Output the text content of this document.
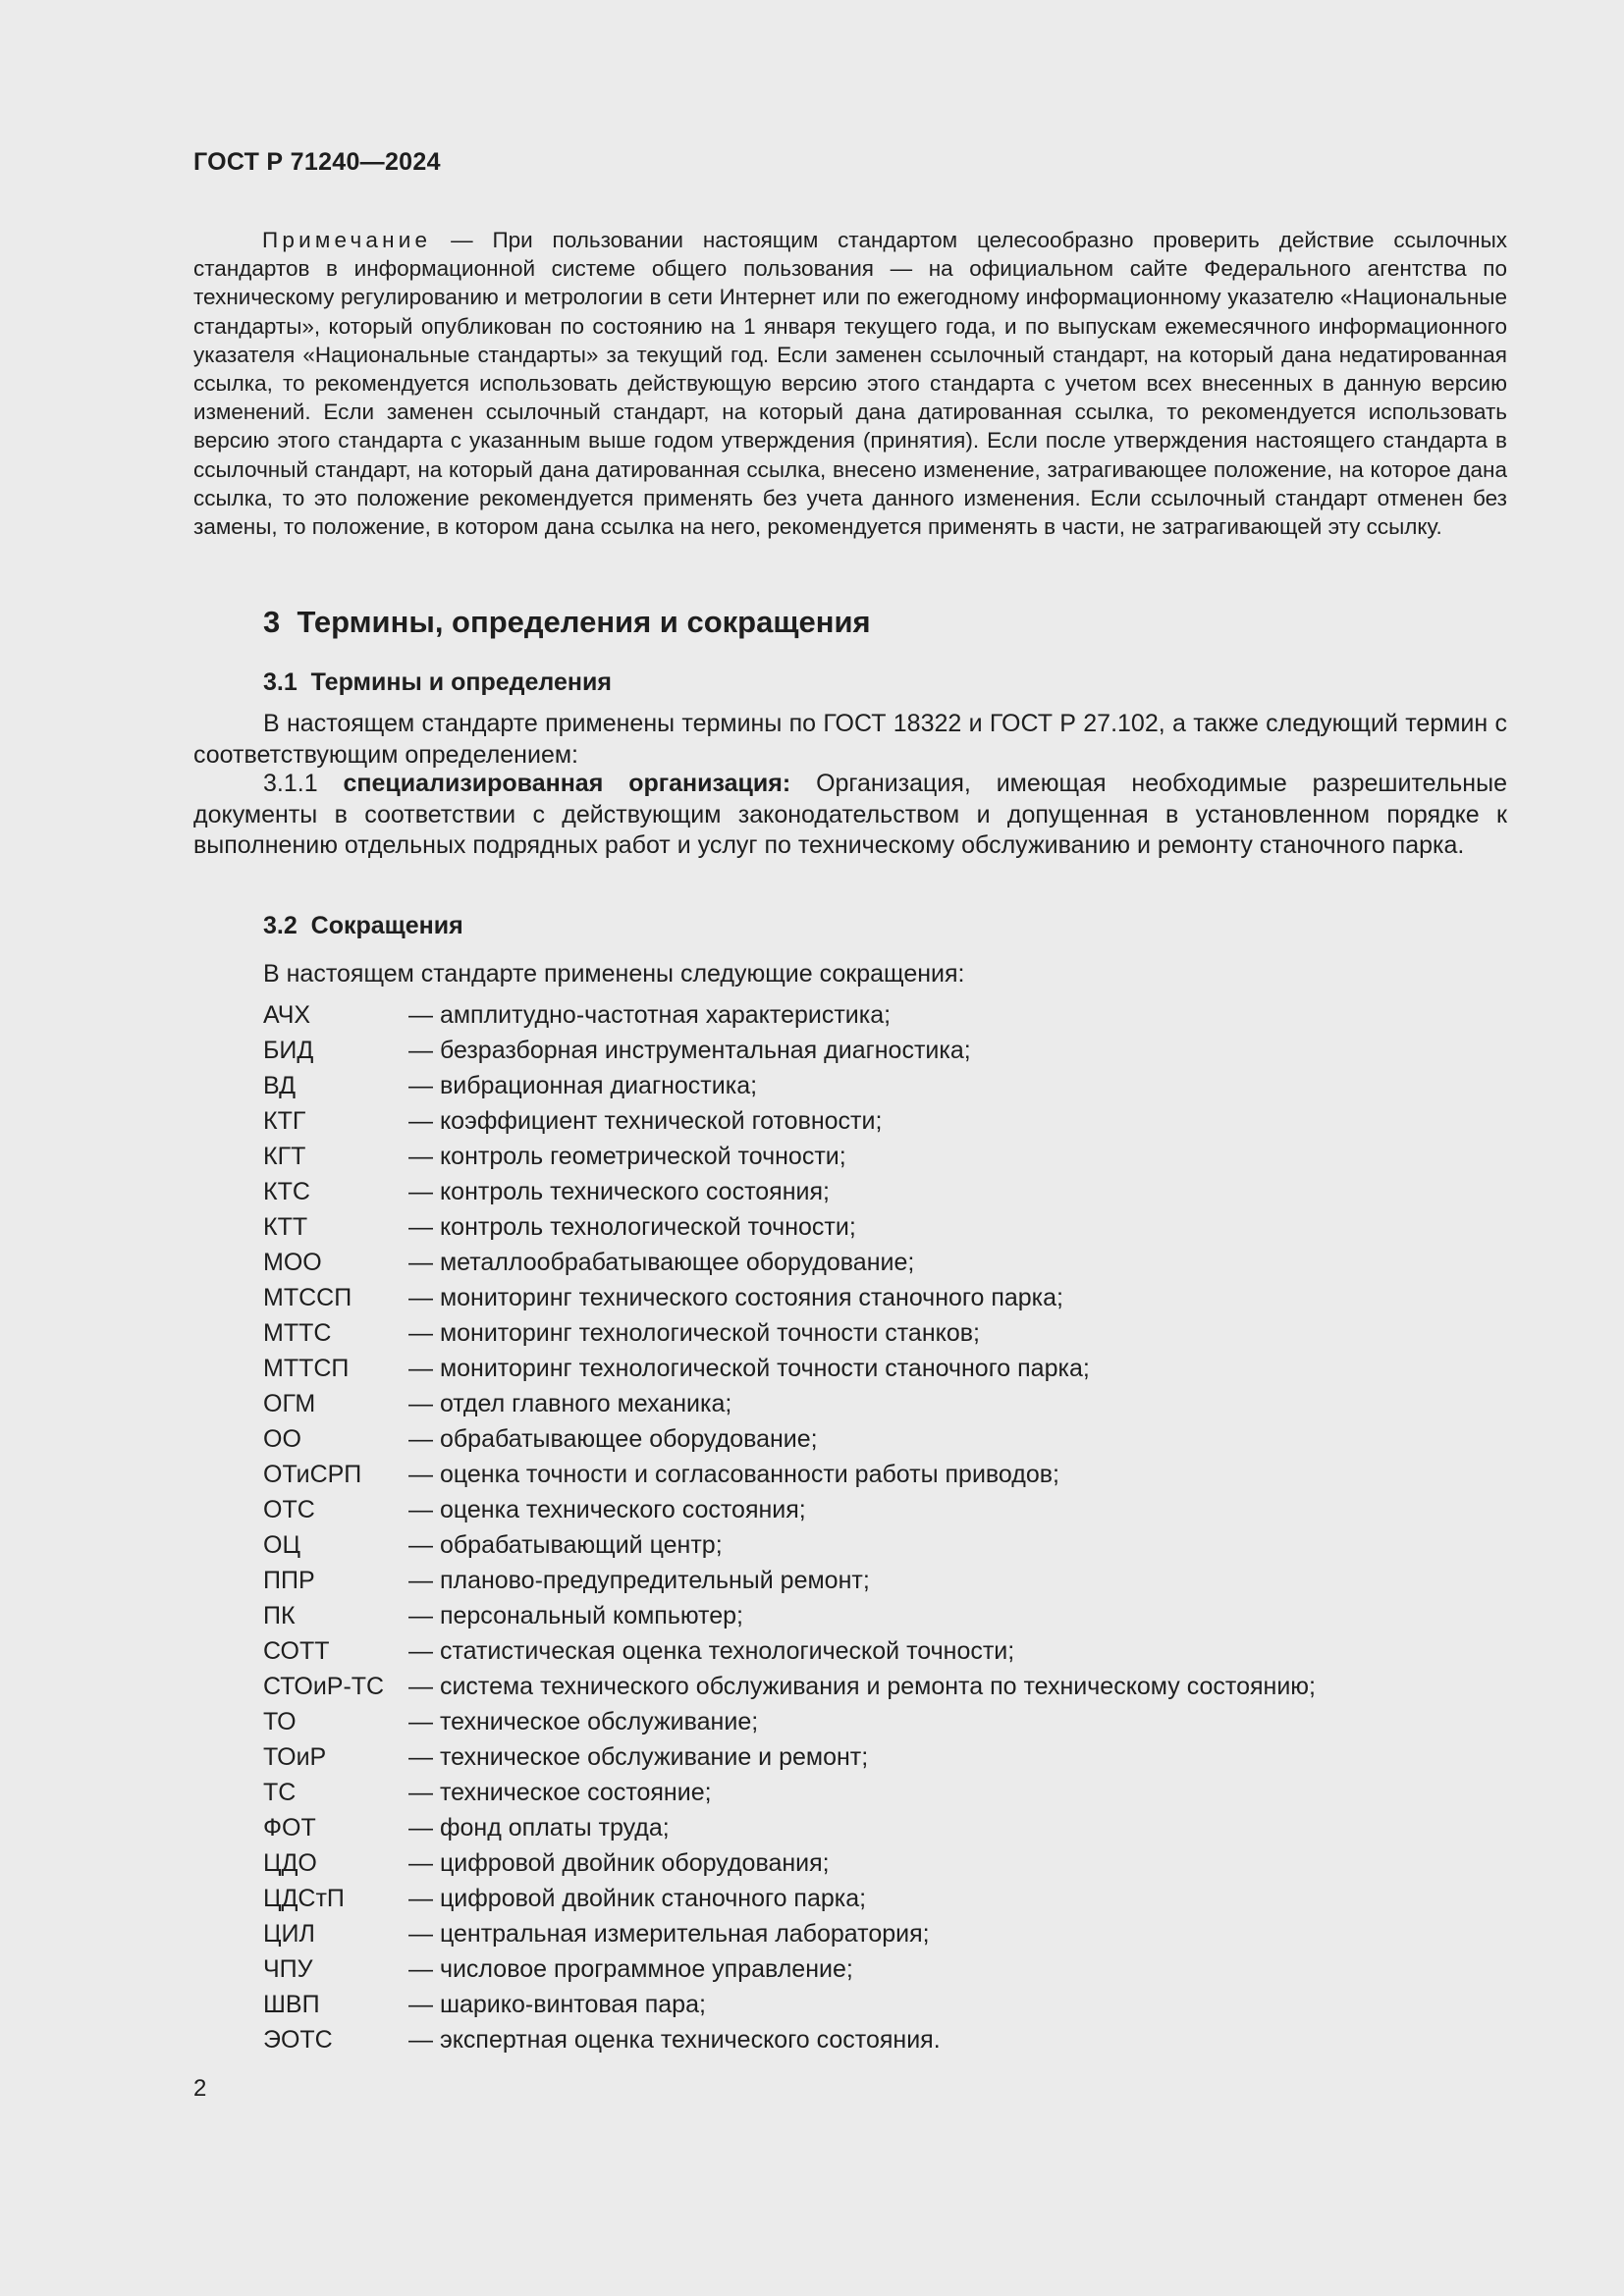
ГОСТ Р 71240—2024

Примечание — При пользовании настоящим стандартом целесообразно проверить действие ссылочных стандартов в информационной системе общего пользования — на официальном сайте Федерального агентства по техническому регулированию и метрологии в сети Интернет или по ежегодному информационному указателю «Национальные стандарты», который опубликован по состоянию на 1 января текущего года, и по выпускам ежемесячного информационного указателя «Национальные стандарты» за текущий год. Если заменен ссылочный стандарт, на который дана недатированная ссылка, то рекомендуется использовать действующую версию этого стандарта с учетом всех внесенных в данную версию изменений. Если заменен ссылочный стандарт, на который дана датированная ссылка, то рекомендуется использовать версию этого стандарта с указанным выше годом утверждения (принятия). Если после утверждения настоящего стандарта в ссылочный стандарт, на который дана датированная ссылка, внесено изменение, затрагивающее положение, на которое дана ссылка, то это положение рекомендуется применять без учета данного изменения. Если ссылочный стандарт отменен без замены, то положение, в котором дана ссылка на него, рекомендуется применять в части, не затрагивающей эту ссылку.

3  Термины, определения и сокращения
3.1  Термины и определения

В настоящем стандарте применены термины по ГОСТ 18322 и ГОСТ Р 27.102, а также следующий термин с соответствующим определением:

3.1.1 специализированная организация: Организация, имеющая необходимые разрешительные документы в соответствии с действующим законодательством и допущенная в установленном порядке к выполнению отдельных подрядных работ и услуг по техническому обслуживанию и ремонту станочного парка.

3.2  Сокращения
В настоящем стандарте применены следующие сокращения:
АЧХ	— амплитудно-частотная характеристика;
БИД	— безразборная инструментальная диагностика;
ВД	— вибрационная диагностика;
КТГ	— коэффициент технической готовности;
КГТ	— контроль геометрической точности;
КТС	— контроль технического состояния;
КТТ	— контроль технологической точности;
МОО	— металлообрабатывающее оборудование;
МТССП	— мониторинг технического состояния станочного парка;
МТТС	— мониторинг технологической точности станков;
МТТСП	— мониторинг технологической точности станочного парка;
ОГМ	— отдел главного механика;
ОО	— обрабатывающее оборудование;
ОТиСРП	— оценка точности и согласованности работы приводов;
ОТС	— оценка технического состояния;
ОЦ	— обрабатывающий центр;
ППР	— планово-предупредительный ремонт;
ПК	— персональный компьютер;
СОТТ	— статистическая оценка технологической точности;
СТОиР-ТС — система технического обслуживания и ремонта по техническому состоянию;
ТО	— техническое обслуживание;
ТОиР	— техническое обслуживание и ремонт;
ТС	— техническое состояние;
ФОТ	— фонд оплаты труда;
ЦДО	— цифровой двойник оборудования;
ЦДСтП	— цифровой двойник станочного парка;
ЦИЛ	— центральная измерительная лаборатория;
ЧПУ	— числовое программное управление;
ШВП	— шарико-винтовая пара;
ЭОТС	— экспертная оценка технического состояния.
2
